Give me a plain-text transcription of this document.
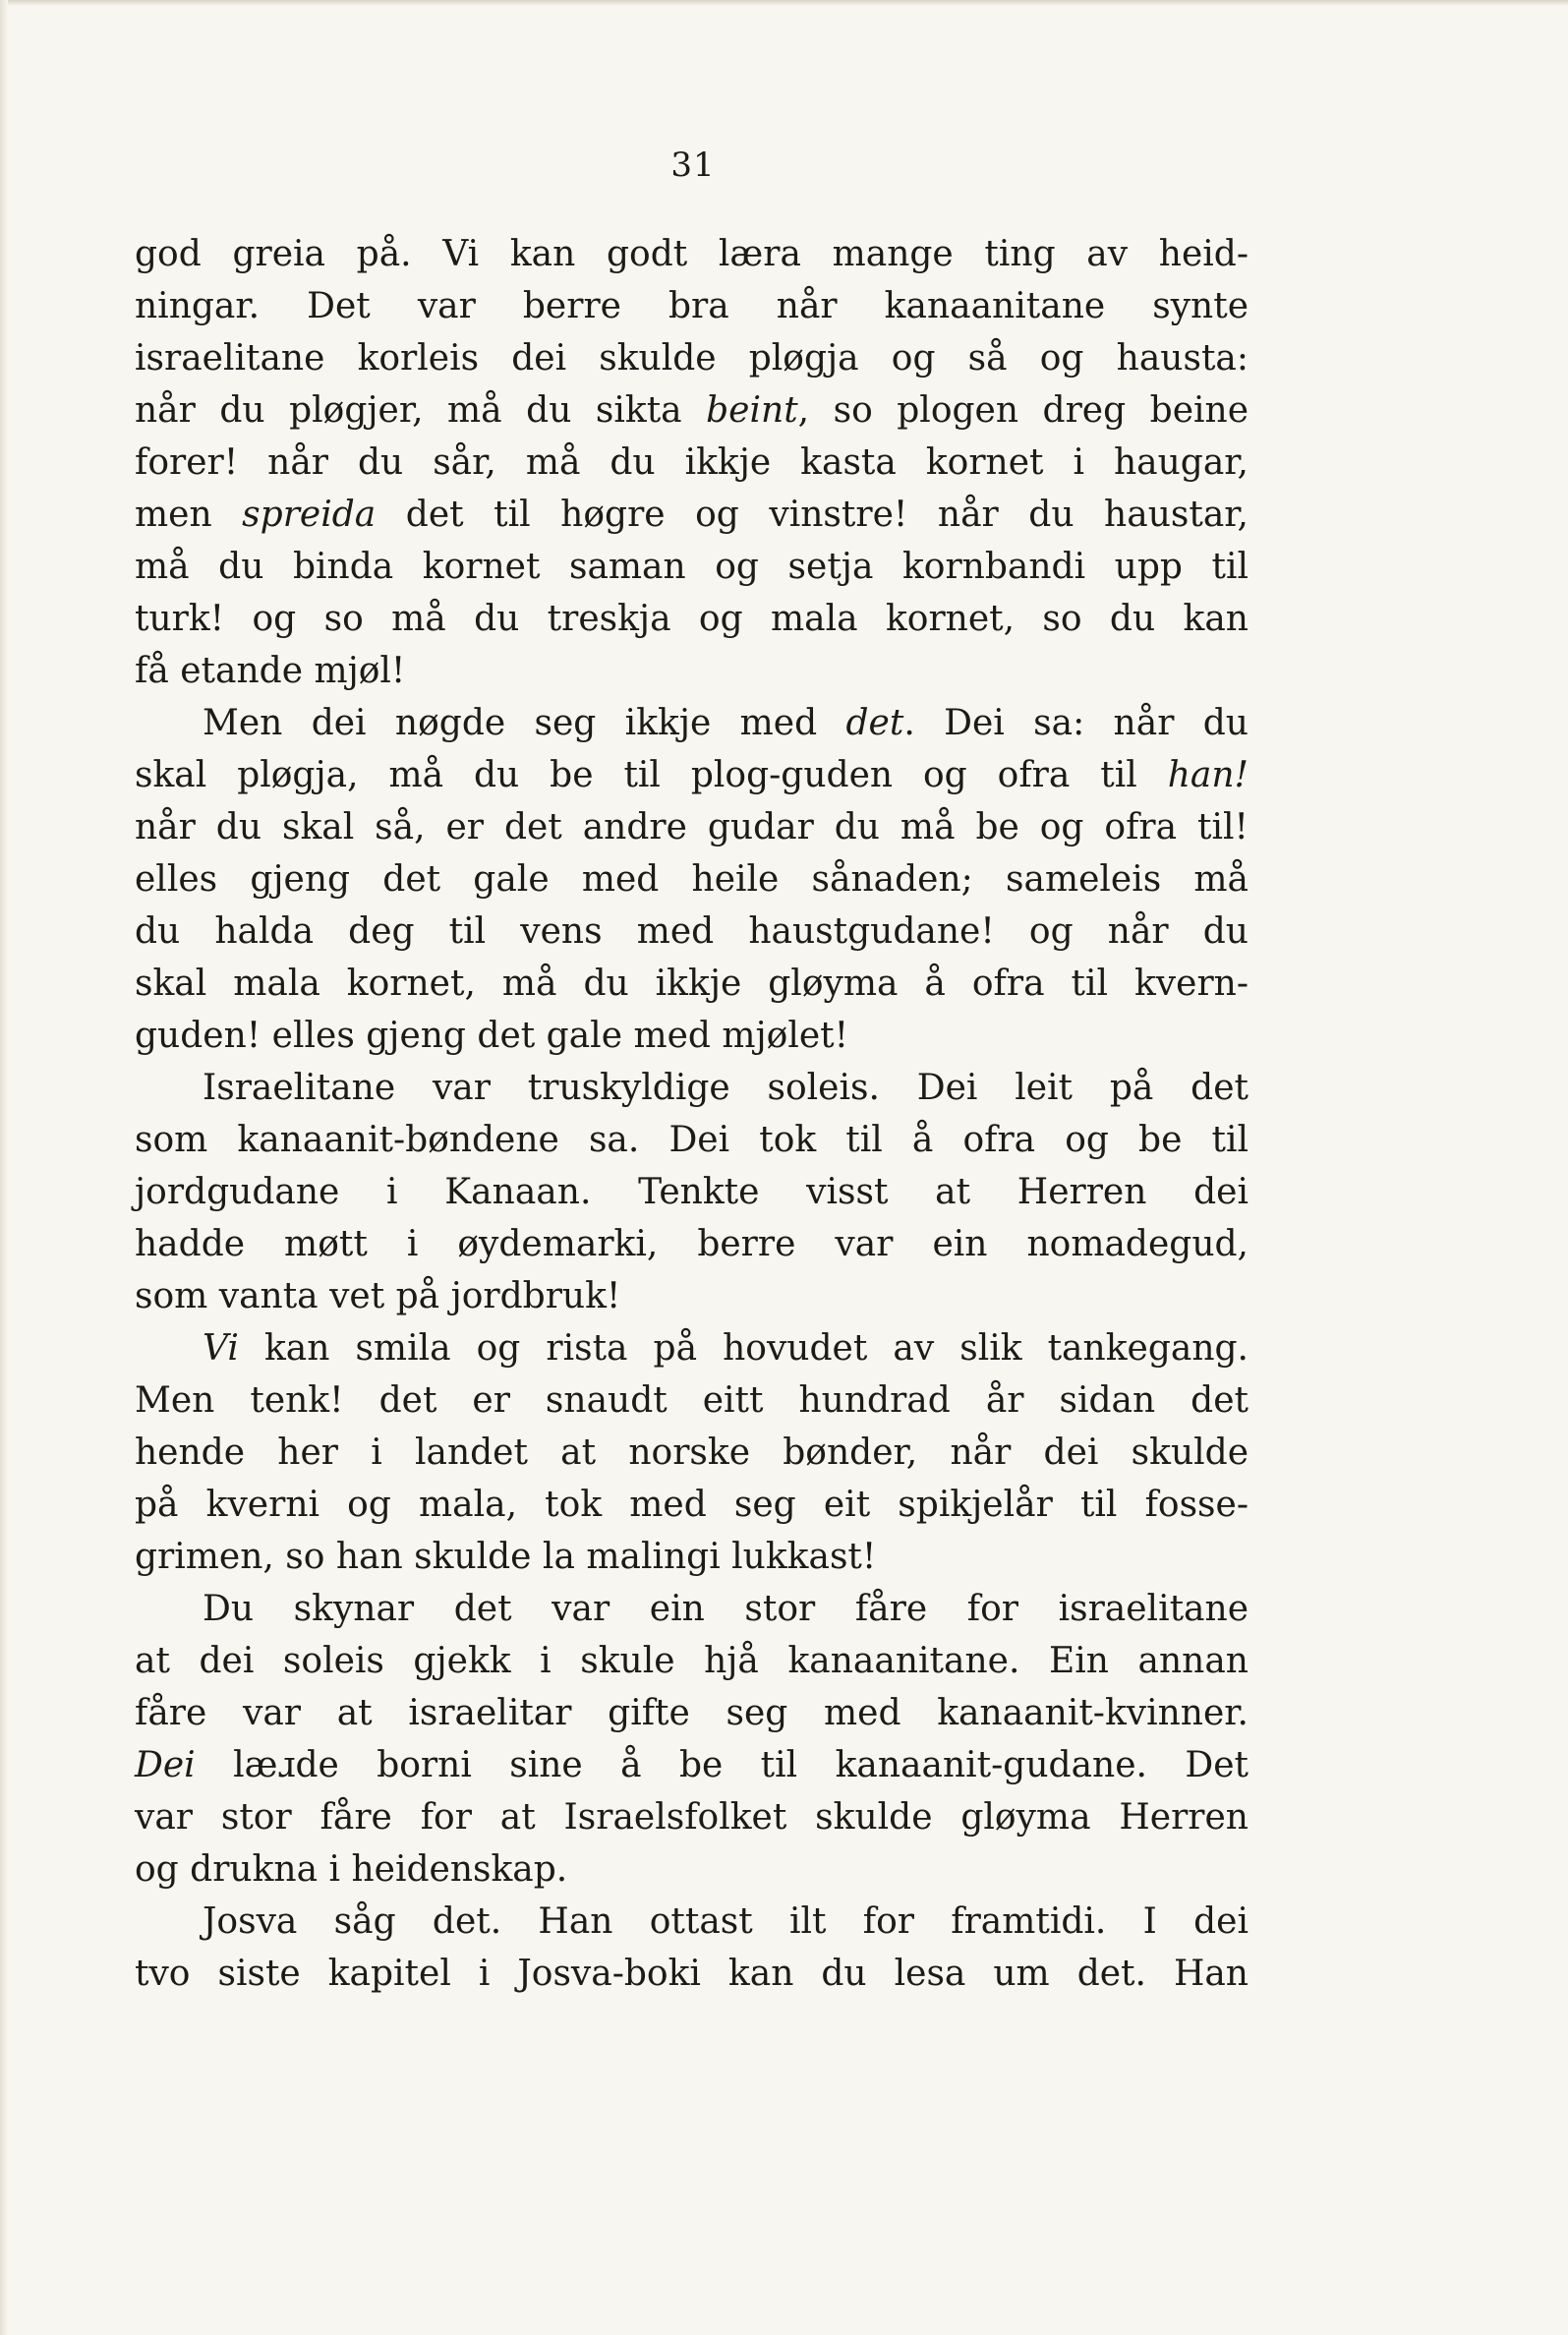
31
god greia på. Vi kan godt læra mange ting av heid-
ningar. Det var berre bra når kanaanitane synte
israelitane korleis dei skulde pløgja og så og hausta:
når du pløgjer, må du sikta beint, so plogen dreg beine
forer! når du sår, må du ikkje kasta kornet i haugar,
men spreida det til høgre og vinstre! når du haustar,
må du binda kornet saman og setja kornbandi upp til
turk! og so må du treskja og mala kornet, so du kan
få etande mjøl!
Men dei nøgde seg ikkje med det. Dei sa: når du
skal pløgja, må du be til plog-guden og ofra til han!
når du skal så, er det andre gudar du må be og ofra til!
elles gjeng det gale med heile sånaden; sameleis må
du halda deg til vens med haustgudane! og når du
skal mala kornet, må du ikkje gløyma å ofra til kvern-
guden! elles gjeng det gale med mjølet!
Israelitane var truskyldige soleis. Dei leit på det
som kanaanit-bøndene sa. Dei tok til å ofra og be til
jordgudane i Kanaan. Tenkte visst at Herren dei
hadde møtt i øydemarki, berre var ein nomadegud,
som vanta vet på jordbruk!
Vi kan smila og rista på hovudet av slik tankegang.
Men tenk! det er snaudt eitt hundrad år sidan det
hende her i landet at norske bønder, når dei skulde
på kverni og mala, tok med seg eit spikjelår til fosse-
grimen, so han skulde la malingi lukkast!
Du skynar det var ein stor fåre for israelitane
at dei soleis gjekk i skule hjå kanaanitane. Ein annan
fåre var at israelitar gifte seg med kanaanit-kvinner.
Dei læɹde borni sine å be til kanaanit-gudane. Det
var stor fåre for at Israelsfolket skulde gløyma Herren
og drukna i heidenskap.
Josva såg det. Han ottast ilt for framtidi. I dei
tvo siste kapitel i Josva-boki kan du lesa um det. Han
